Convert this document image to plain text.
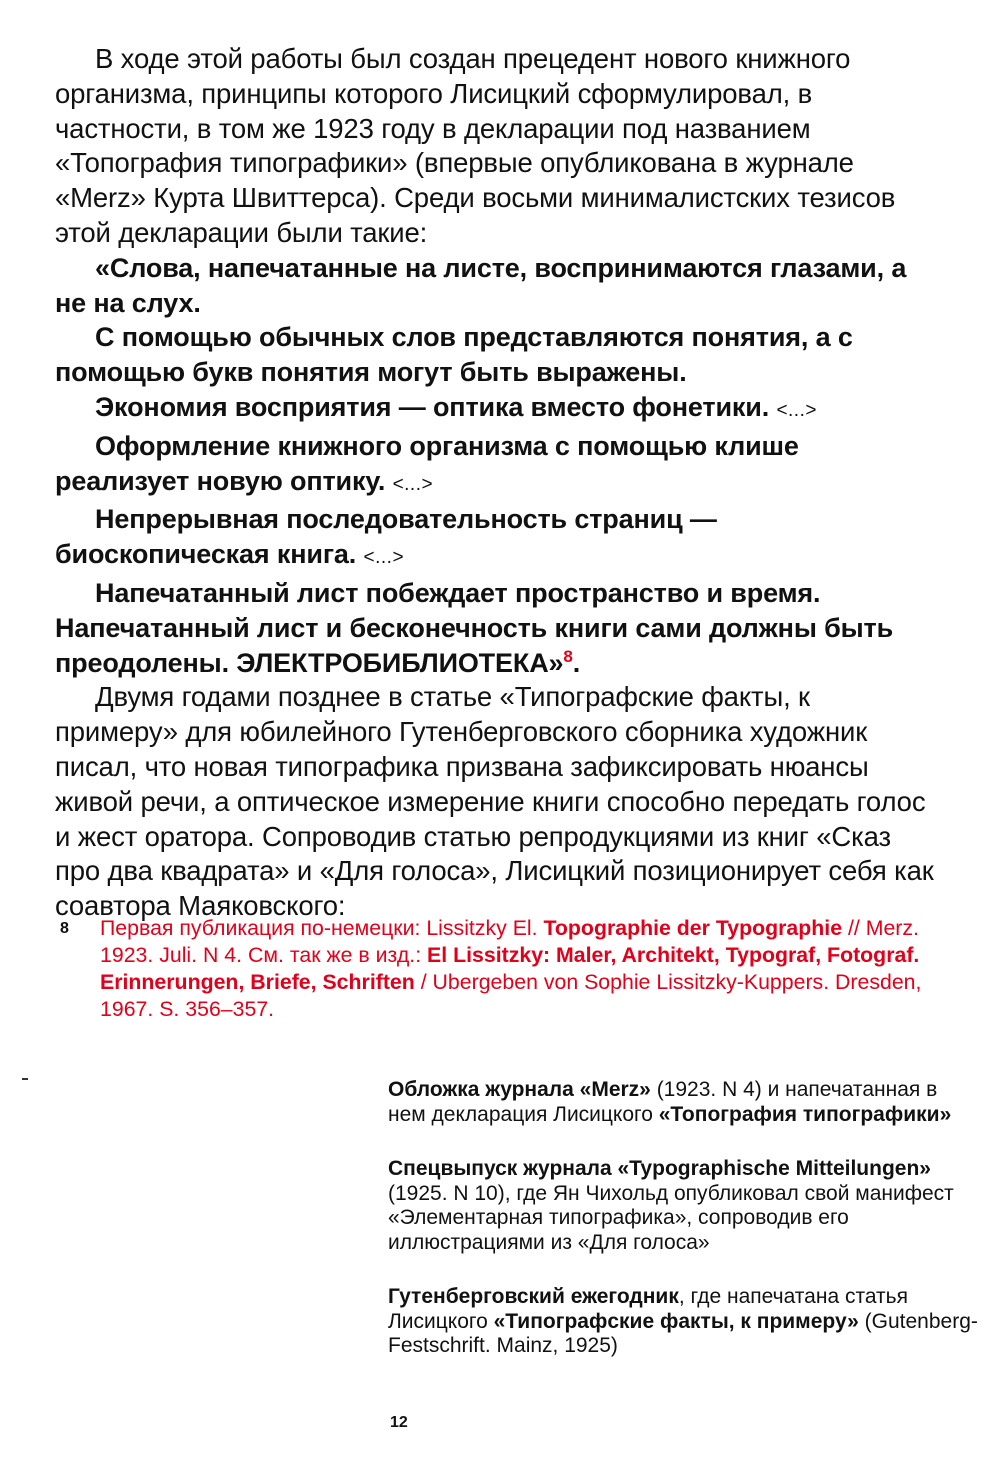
В ходе этой работы был создан прецедент нового книжного организма, принципы которого Лисицкий сформулировал, в частности, в том же 1923 году в декларации под названием «Топография типографики» (впервые опубликована в журнале «Merz» Курта Швиттерса). Среди восьми минималистских тезисов этой декларации были такие:

«Слова, напечатанные на листе, воспринимаются глазами, а не на слух.

С помощью обычных слов представляются понятия, а с помощью букв понятия могут быть выражены.

Экономия восприятия — оптика вместо фонетики. <...>

Оформление книжного организма с помощью клише реализует новую оптику. <...>

Непрерывная последовательность страниц — биоскопическая книга. <...>

Напечатанный лист побеждает пространство и время. Напечатанный лист и бесконечность книги сами должны быть преодолены. ЭЛЕКТРОБИБЛИОТЕКА»$^8$.

Двумя годами позднее в статье «Типографские факты, к примеру» для юбилейного Гутенберговского сборника художник писал, что новая типографика призвана зафиксировать нюансы живой речи, а оптическое измерение книги способно передать голос и жест оратора. Сопроводив статью репродукциями из книг «Сказ про два квадрата» и «Для голоса», Лисицкий позиционирует себя как соавтора Маяковского:

8 Первая публикация по-немецки: Lissitzky El. Topographie der Typographie // Merz. 1923. Juli. N 4. См. так же в изд.: El Lissitzky: Maler, Architekt, Typograf, Fotograf. Erinnerungen, Briefe, Schriften / Ubergeben von Sophie Lissitzky-Kuppers. Dresden, 1967. S. 356–357.

Обложка журнала «Merz» (1923. N 4) и напечатанная в нем декларация Лисицкого «Топография типографики»

Спецвыпуск журнала «Typographische Mitteilungen» (1925. N 10), где Ян Чихольд опубликовал свой манифест «Элементарная типографика», сопроводив его иллюстрациями из «Для голоса»

Гутенберговский ежегодник, где напечатана статья Лисицкого «Типографские факты, к примеру» (Gutenberg-Festschrift. Mainz, 1925)

12
